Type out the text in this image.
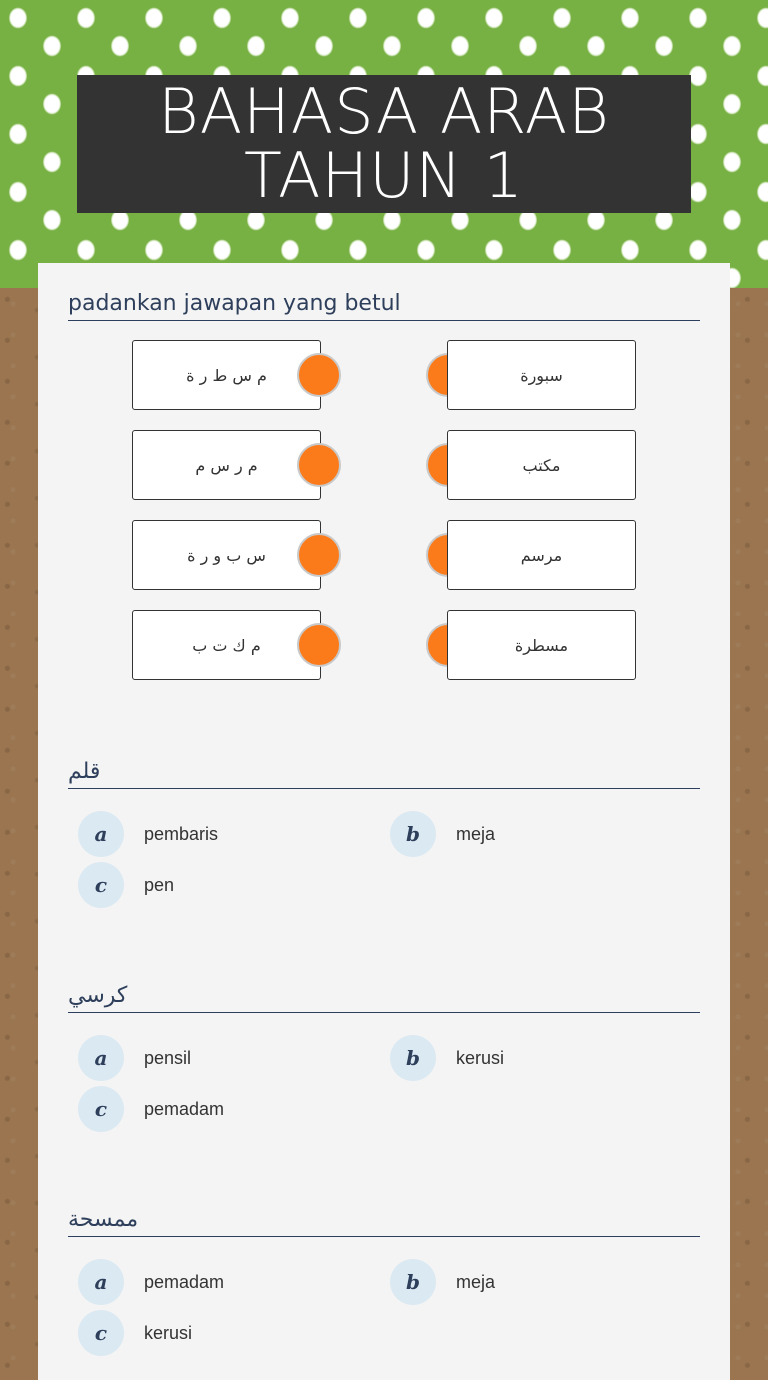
BAHASA ARAB
TAHUN 1
padankan jawapan yang betul
م س ط ر ة	سبورة
م ر س م	مكتب
س ب و ر ة	مرسم
م ك ت ب	مسطرة
قلم
a	pembaris	b	meja
c	pen
كرسي
a	pensil	b	kerusi
c	pemadam
ممسحة
a	pemadam	b	meja
c	kerusi
